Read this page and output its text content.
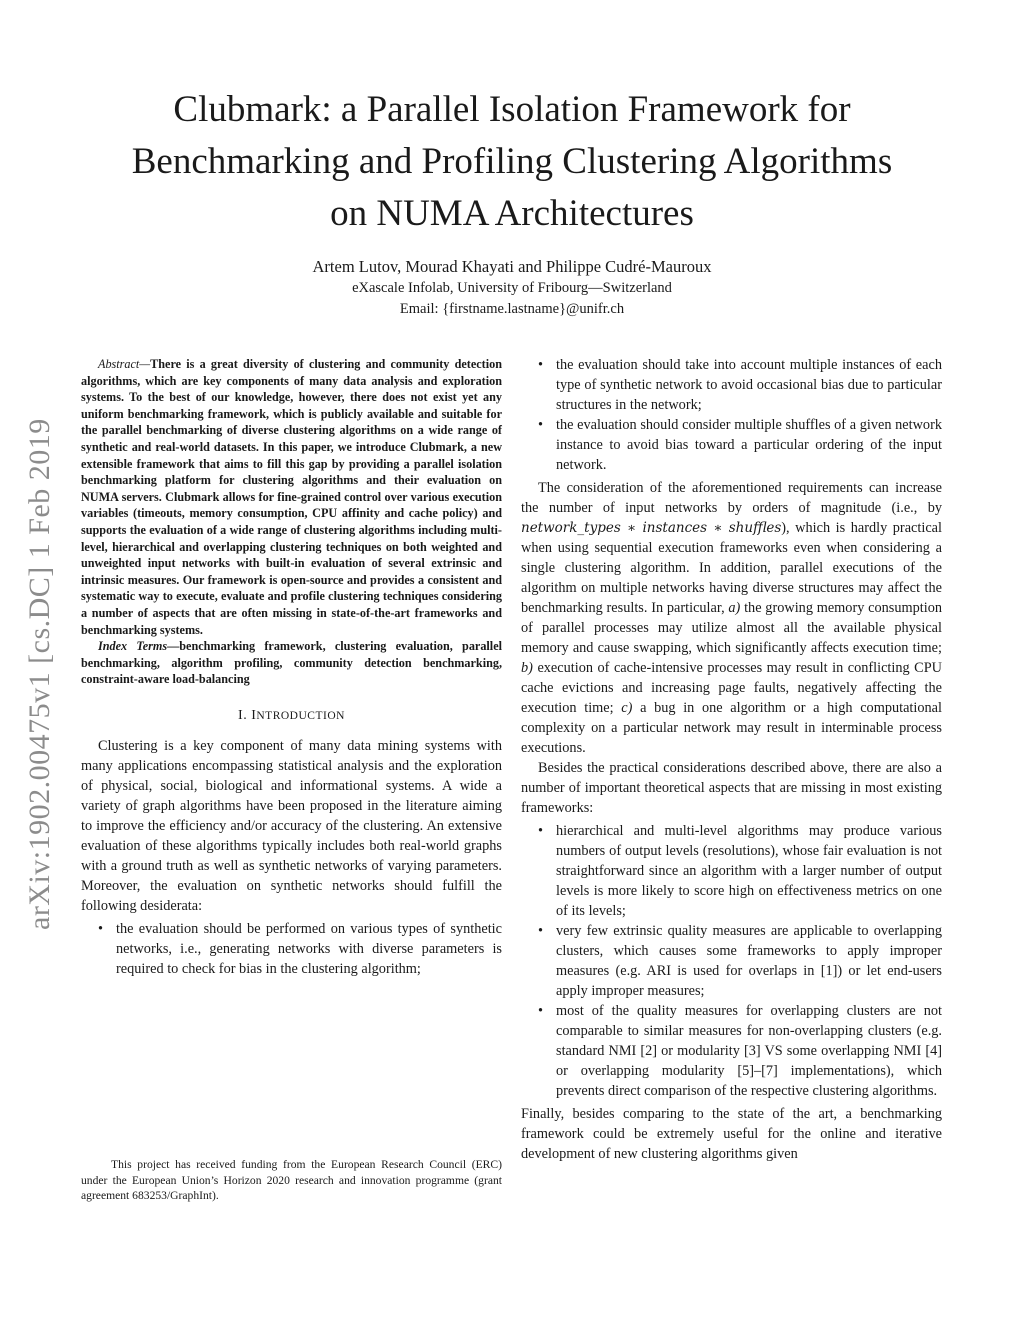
Clubmark: a Parallel Isolation Framework for
Benchmarking and Profiling Clustering Algorithms
on NUMA Architectures
Artem Lutov, Mourad Khayati and Philippe Cudré-Mauroux
eXascale Infolab, University of Fribourg—Switzerland
Email: {firstname.lastname}@unifr.ch
arXiv:1902.00475v1 [cs.DC] 1 Feb 2019

Abstract—There is a great diversity of clustering and community detection algorithms, which are key components of many data analysis and exploration systems. To the best of our knowledge, however, there does not exist yet any uniform benchmarking framework, which is publicly available and suitable for the parallel benchmarking of diverse clustering algorithms on a wide range of synthetic and real-world datasets. In this paper, we introduce Clubmark, a new extensible framework that aims to fill this gap by providing a parallel isolation benchmarking platform for clustering algorithms and their evaluation on NUMA servers. Clubmark allows for fine-grained control over various execution variables (timeouts, memory consumption, CPU affinity and cache policy) and supports the evaluation of a wide range of clustering algorithms including multi-level, hierarchical and overlapping clustering techniques on both weighted and unweighted input networks with built-in evaluation of several extrinsic and intrinsic measures. Our framework is open-source and provides a consistent and systematic way to execute, evaluate and profile clustering techniques considering a number of aspects that are often missing in state-of-the-art frameworks and benchmarking systems.

Index Terms—benchmarking framework, clustering evaluation, parallel benchmarking, algorithm profiling, community detection benchmarking, constraint-aware load-balancing

I. INTRODUCTION

Clustering is a key component of many data mining systems with many applications encompassing statistical analysis and the exploration of physical, social, biological and informational systems. A wide a variety of graph algorithms have been proposed in the literature aiming to improve the efficiency and/or accuracy of the clustering. An extensive evaluation of these algorithms typically includes both real-world graphs with a ground truth as well as synthetic networks of varying parameters. Moreover, the evaluation on synthetic networks should fulfill the following desiderata:

• the evaluation should be performed on various types of synthetic networks, i.e., generating networks with diverse parameters is required to check for bias in the clustering algorithm;

This project has received funding from the European Research Council (ERC) under the European Union’s Horizon 2020 research and innovation programme (grant agreement 683253/GraphInt).

• the evaluation should take into account multiple instances of each type of synthetic network to avoid occasional bias due to particular structures in the network;
• the evaluation should consider multiple shuffles of a given network instance to avoid bias toward a particular ordering of the input network.

The consideration of the aforementioned requirements can increase the number of input networks by orders of magnitude (i.e., by network_types ∗ instances ∗ shuffles), which is hardly practical when using sequential execution frameworks even when considering a single clustering algorithm. In addition, parallel executions of the algorithm on multiple networks having diverse structures may affect the benchmarking results. In particular, a) the growing memory consumption of parallel processes may utilize almost all the available physical memory and cause swapping, which significantly affects execution time; b) execution of cache-intensive processes may result in conflicting CPU cache evictions and increasing page faults, negatively affecting the execution time; c) a bug in one algorithm or a high computational complexity on a particular network may result in interminable process executions.

Besides the practical considerations described above, there are also a number of important theoretical aspects that are missing in most existing frameworks:

• hierarchical and multi-level algorithms may produce various numbers of output levels (resolutions), whose fair evaluation is not straightforward since an algorithm with a larger number of output levels is more likely to score high on effectiveness metrics on one of its levels;
• very few extrinsic quality measures are applicable to overlapping clusters, which causes some frameworks to apply improper measures (e.g. ARI is used for overlaps in [1]) or let end-users apply improper measures;
• most of the quality measures for overlapping clusters are not comparable to similar measures for non-overlapping clusters (e.g. standard NMI [2] or modularity [3] VS some overlapping NMI [4] or overlapping modularity [5]–[7] implementations), which prevents direct comparison of the respective clustering algorithms.

Finally, besides comparing to the state of the art, a benchmarking framework could be extremely useful for the online and iterative development of new clustering algorithms given
